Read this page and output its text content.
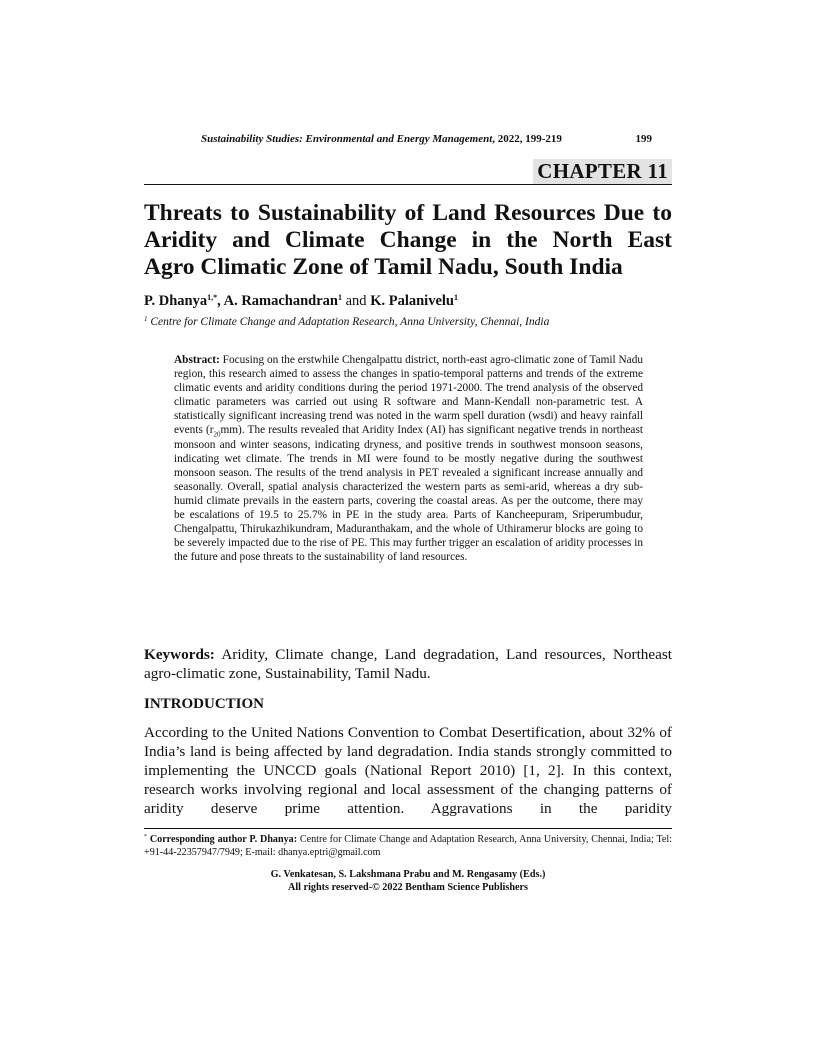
Sustainability Studies: Environmental and Energy Management, 2022, 199-219	199
CHAPTER 11
Threats to Sustainability of Land Resources Due to
Aridity and Climate Change in the North East
Agro Climatic Zone of Tamil Nadu, South India
P. Dhanya$^{1,*}$, A. Ramachandran$^1$ and K. Palanivelu$^1$
$^1$ Centre for Climate Change and Adaptation Research, Anna University, Chennai, India

Abstract: Focusing on the erstwhile Chengalpattu district, north-east agro-climatic zone of Tamil Nadu region, this research aimed to assess the changes in spatio-temporal patterns and trends of the extreme climatic events and aridity conditions during the period 1971-2000. The trend analysis of the observed climatic parameters was carried out using R software and Mann-Kendall non-parametric test. A statistically significant increasing trend was noted in the warm spell duration (wsdi) and heavy rainfall events $(r_{20}mm)$. The results revealed that Aridity Index (AI) has significant negative trends in northeast monsoon and winter seasons, indicating dryness, and positive trends in southwest monsoon seasons, indicating wet climate. The trends in MI were found to be mostly negative during the southwest monsoon season. The results of the trend analysis in PET revealed a significant increase annually and seasonally. Overall, spatial analysis characterized the western parts as semi-arid, whereas a dry sub-humid climate prevails in the eastern parts, covering the coastal areas. As per the outcome, there may be escalations of 19.5 to 25.7% in PE in the study area. Parts of Kancheepuram, Sriperumbudur, Chengalpattu, Thirukazhikundram, Maduranthakam, and the whole of Uthiramerur blocks are going to be severely impacted due to the rise of PE. This may further trigger an escalation of aridity processes in the future and pose threats to the sustainability of land resources.

Keywords: Aridity, Climate change, Land degradation, Land resources, Northeast agro-climatic zone, Sustainability, Tamil Nadu.

INTRODUCTION

According to the United Nations Convention to Combat Desertification, about 32% of India’s land is being affected by land degradation. India stands strongly committed to implementing the UNCCD goals (National Report 2010) [1, 2]. In this context, research works involving regional and local assessment of the changing patterns of aridity deserve prime attention. Aggravations in the paridity

* Corresponding author P. Dhanya: Centre for Climate Change and Adaptation Research, Anna University, Chennai, India; Tel: +91-44-22357947/7949; E-mail: dhanya.eptri@gmail.com

G. Venkatesan, S. Lakshmana Prabu and M. Rengasamy (Eds.)
All rights reserved-© 2022 Bentham Science Publishers
